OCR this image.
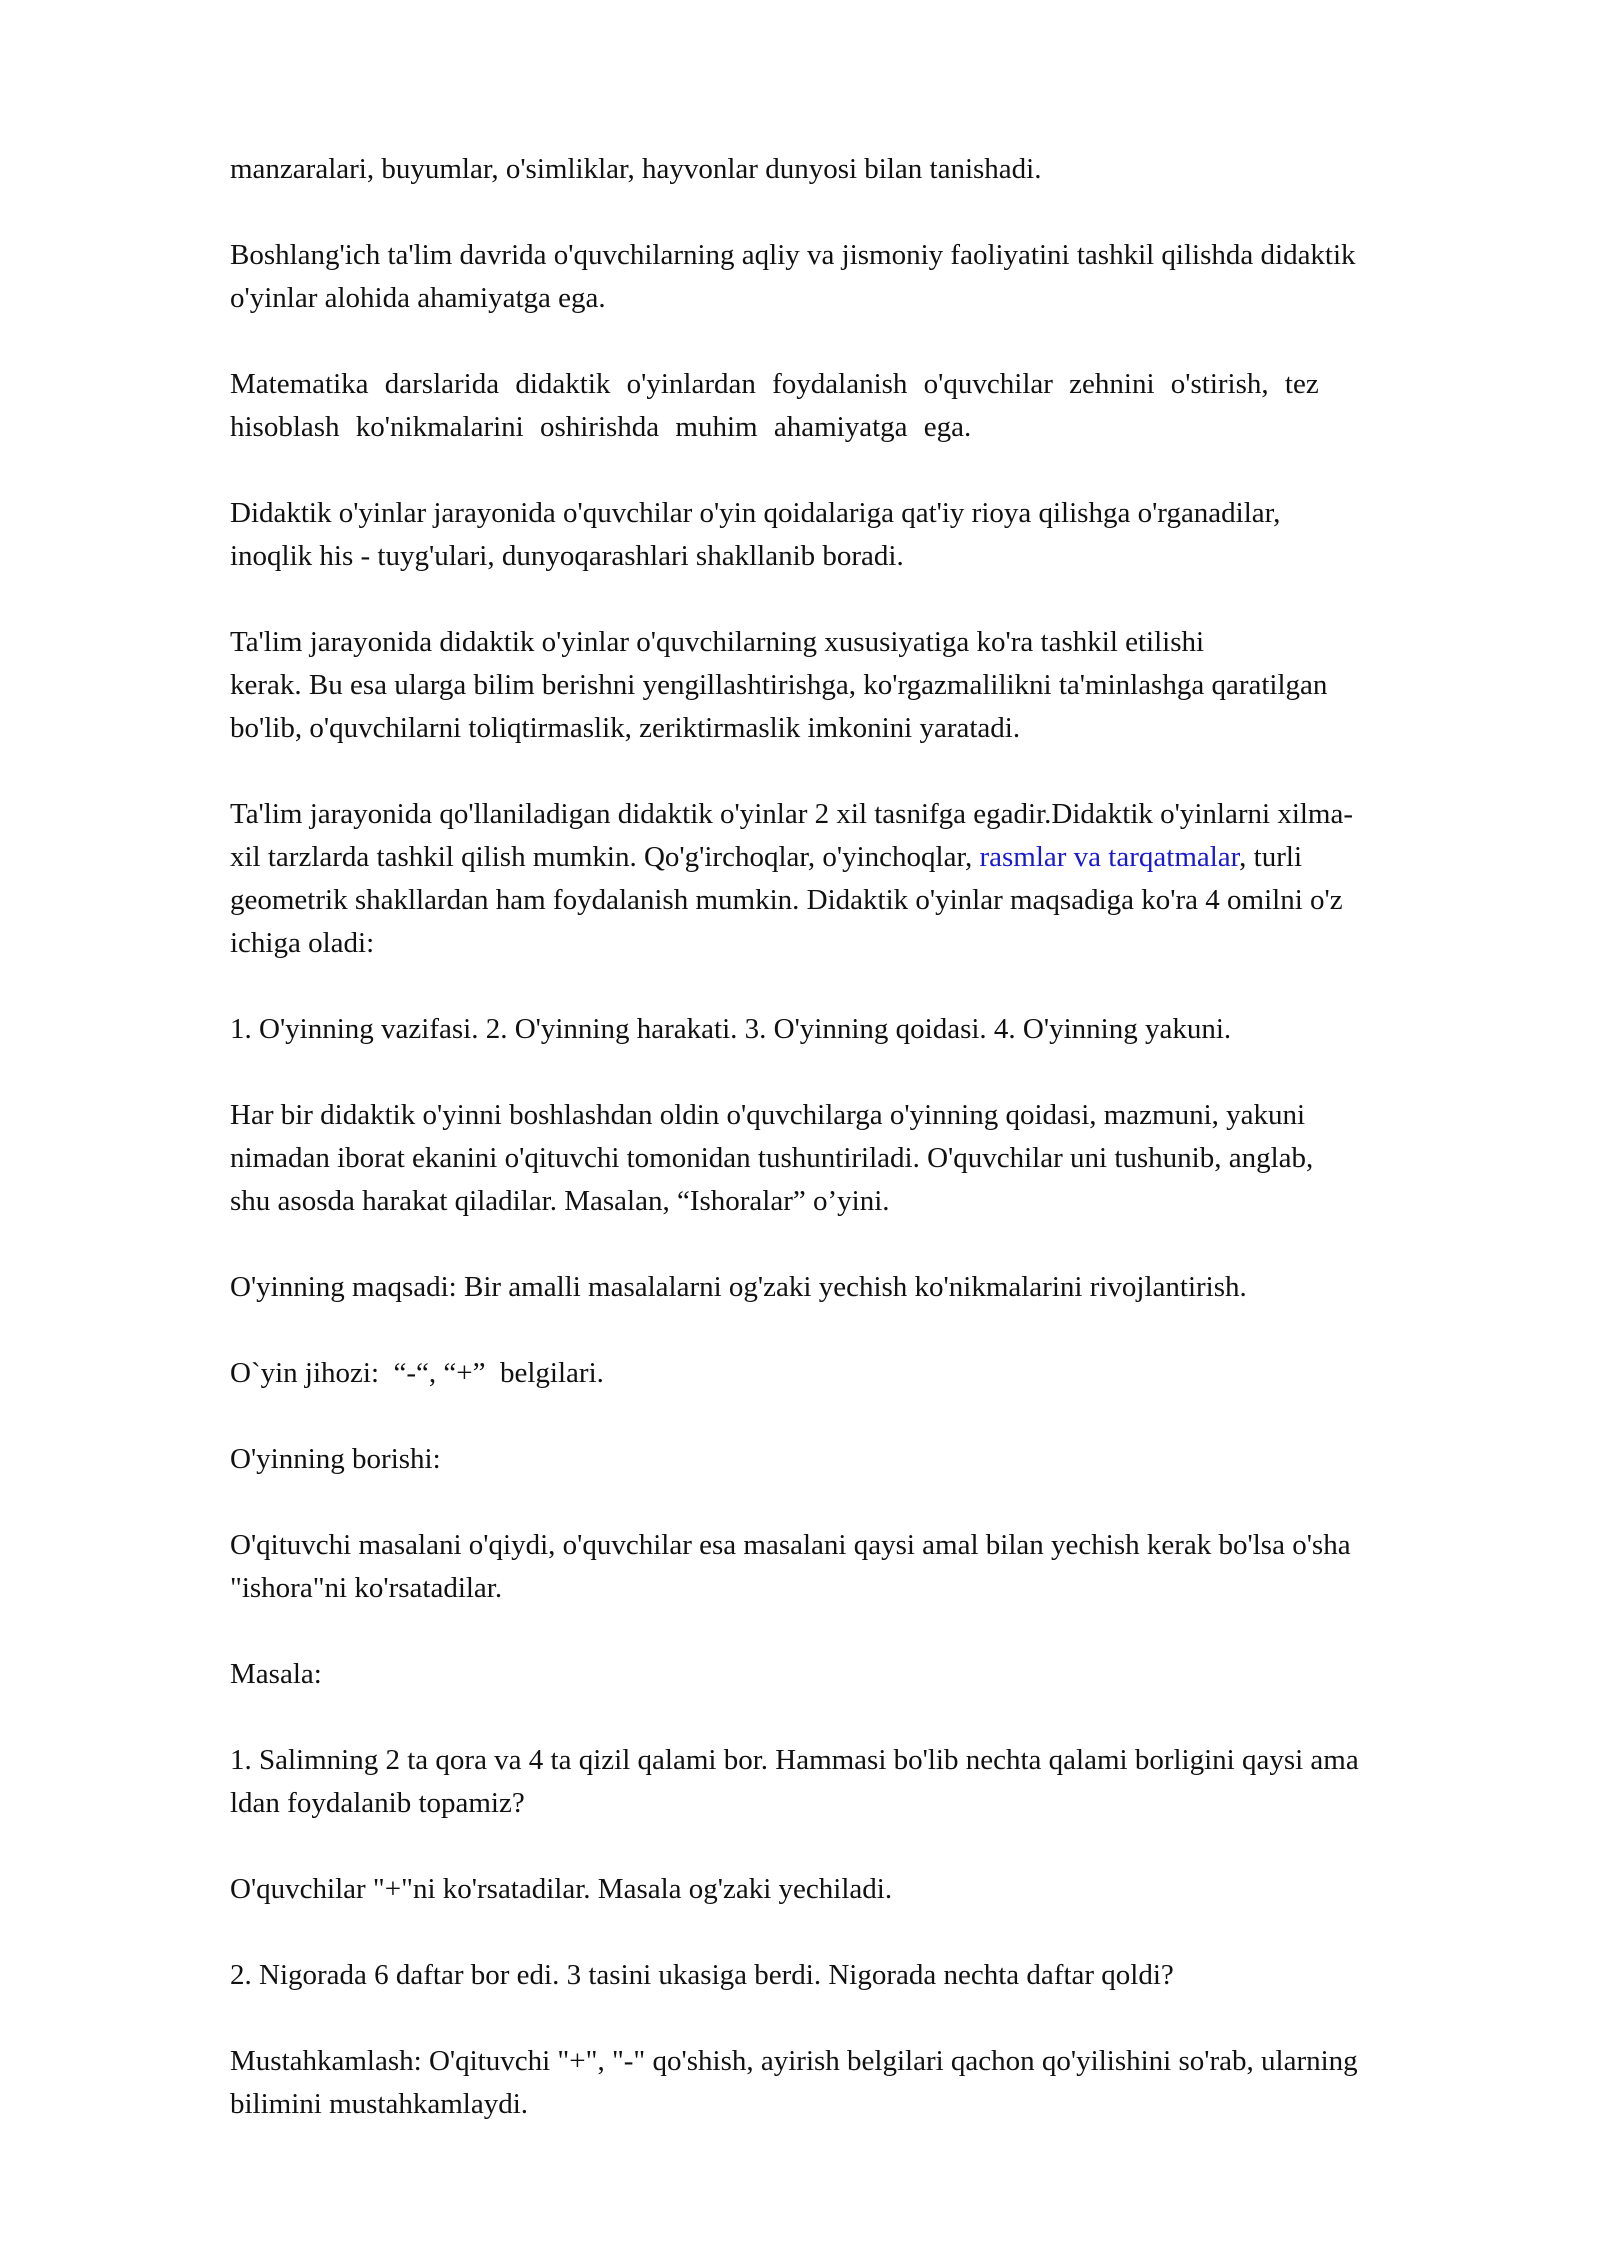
manzaralari, buyumlar, o'simliklar, hayvonlar dunyosi bilan tanishadi.

Boshlang'ich ta'lim davrida o'quvchilarning aqliy va jismoniy faoliyatini tashkil qilishda didaktik
o'yinlar alohida ahamiyatga ega.

Matematika darslarida didaktik o'yinlardan foydalanish o'quvchilar zehnini o'stirish, tez
hisoblash ko'nikmalarini oshirishda muhim ahamiyatga ega.

Didaktik o'yinlar jarayonida o'quvchilar o'yin qoidalariga qat'iy rioya qilishga o'rganadilar,
inoqlik his - tuyg'ulari, dunyoqarashlari shakllanib boradi.

Ta'lim jarayonida didaktik o'yinlar o'quvchilarning xususiyatiga ko'ra tashkil etilishi
kerak. Bu esa ularga bilim berishni yengillashtirishga, ko'rgazmalilikni ta'minlashga qaratilgan
bo'lib, o'quvchilarni toliqtirmaslik, zeriktirmaslik imkonini yaratadi.

Ta'lim jarayonida qo'llaniladigan didaktik o'yinlar 2 xil tasnifga egadir.Didaktik o'yinlarni xilma-
xil tarzlarda tashkil qilish mumkin. Qo'g'irchoqlar, o'yinchoqlar, rasmlar va tarqatmalar, turli
geometrik shakllardan ham foydalanish mumkin. Didaktik o'yinlar maqsadiga ko'ra 4 omilni o'z
ichiga oladi:

1. O'yinning vazifasi. 2. O'yinning harakati. 3. O'yinning qoidasi. 4. O'yinning yakuni.

Har bir didaktik o'yinni boshlashdan oldin o'quvchilarga o'yinning qoidasi, mazmuni, yakuni
nimadan iborat ekanini o'qituvchi tomonidan tushuntiriladi. O'quvchilar uni tushunib, anglab,
shu asosda harakat qiladilar. Masalan, “Ishoralar” o’yini.

O'yinning maqsadi: Bir amalli masalalarni og'zaki yechish ko'nikmalarini rivojlantirish.

O`yin jihozi:  “-“, “+”  belgilari.

O'yinning borishi:

O'qituvchi masalani o'qiydi, o'quvchilar esa masalani qaysi amal bilan yechish kerak bo'lsa o'sha
"ishora"ni ko'rsatadilar.

Masala:

1. Salimning 2 ta qora va 4 ta qizil qalami bor. Hammasi bo'lib nechta qalami borligini qaysi ama
ldan foydalanib topamiz?

O'quvchilar "+"ni ko'rsatadilar. Masala og'zaki yechiladi.

2. Nigorada 6 daftar bor edi. 3 tasini ukasiga berdi. Nigorada nechta daftar qoldi?

Mustahkamlash: O'qituvchi "+", "-" qo'shish, ayirish belgilari qachon qo'yilishini so'rab, ularning
bilimini mustahkamlaydi.
